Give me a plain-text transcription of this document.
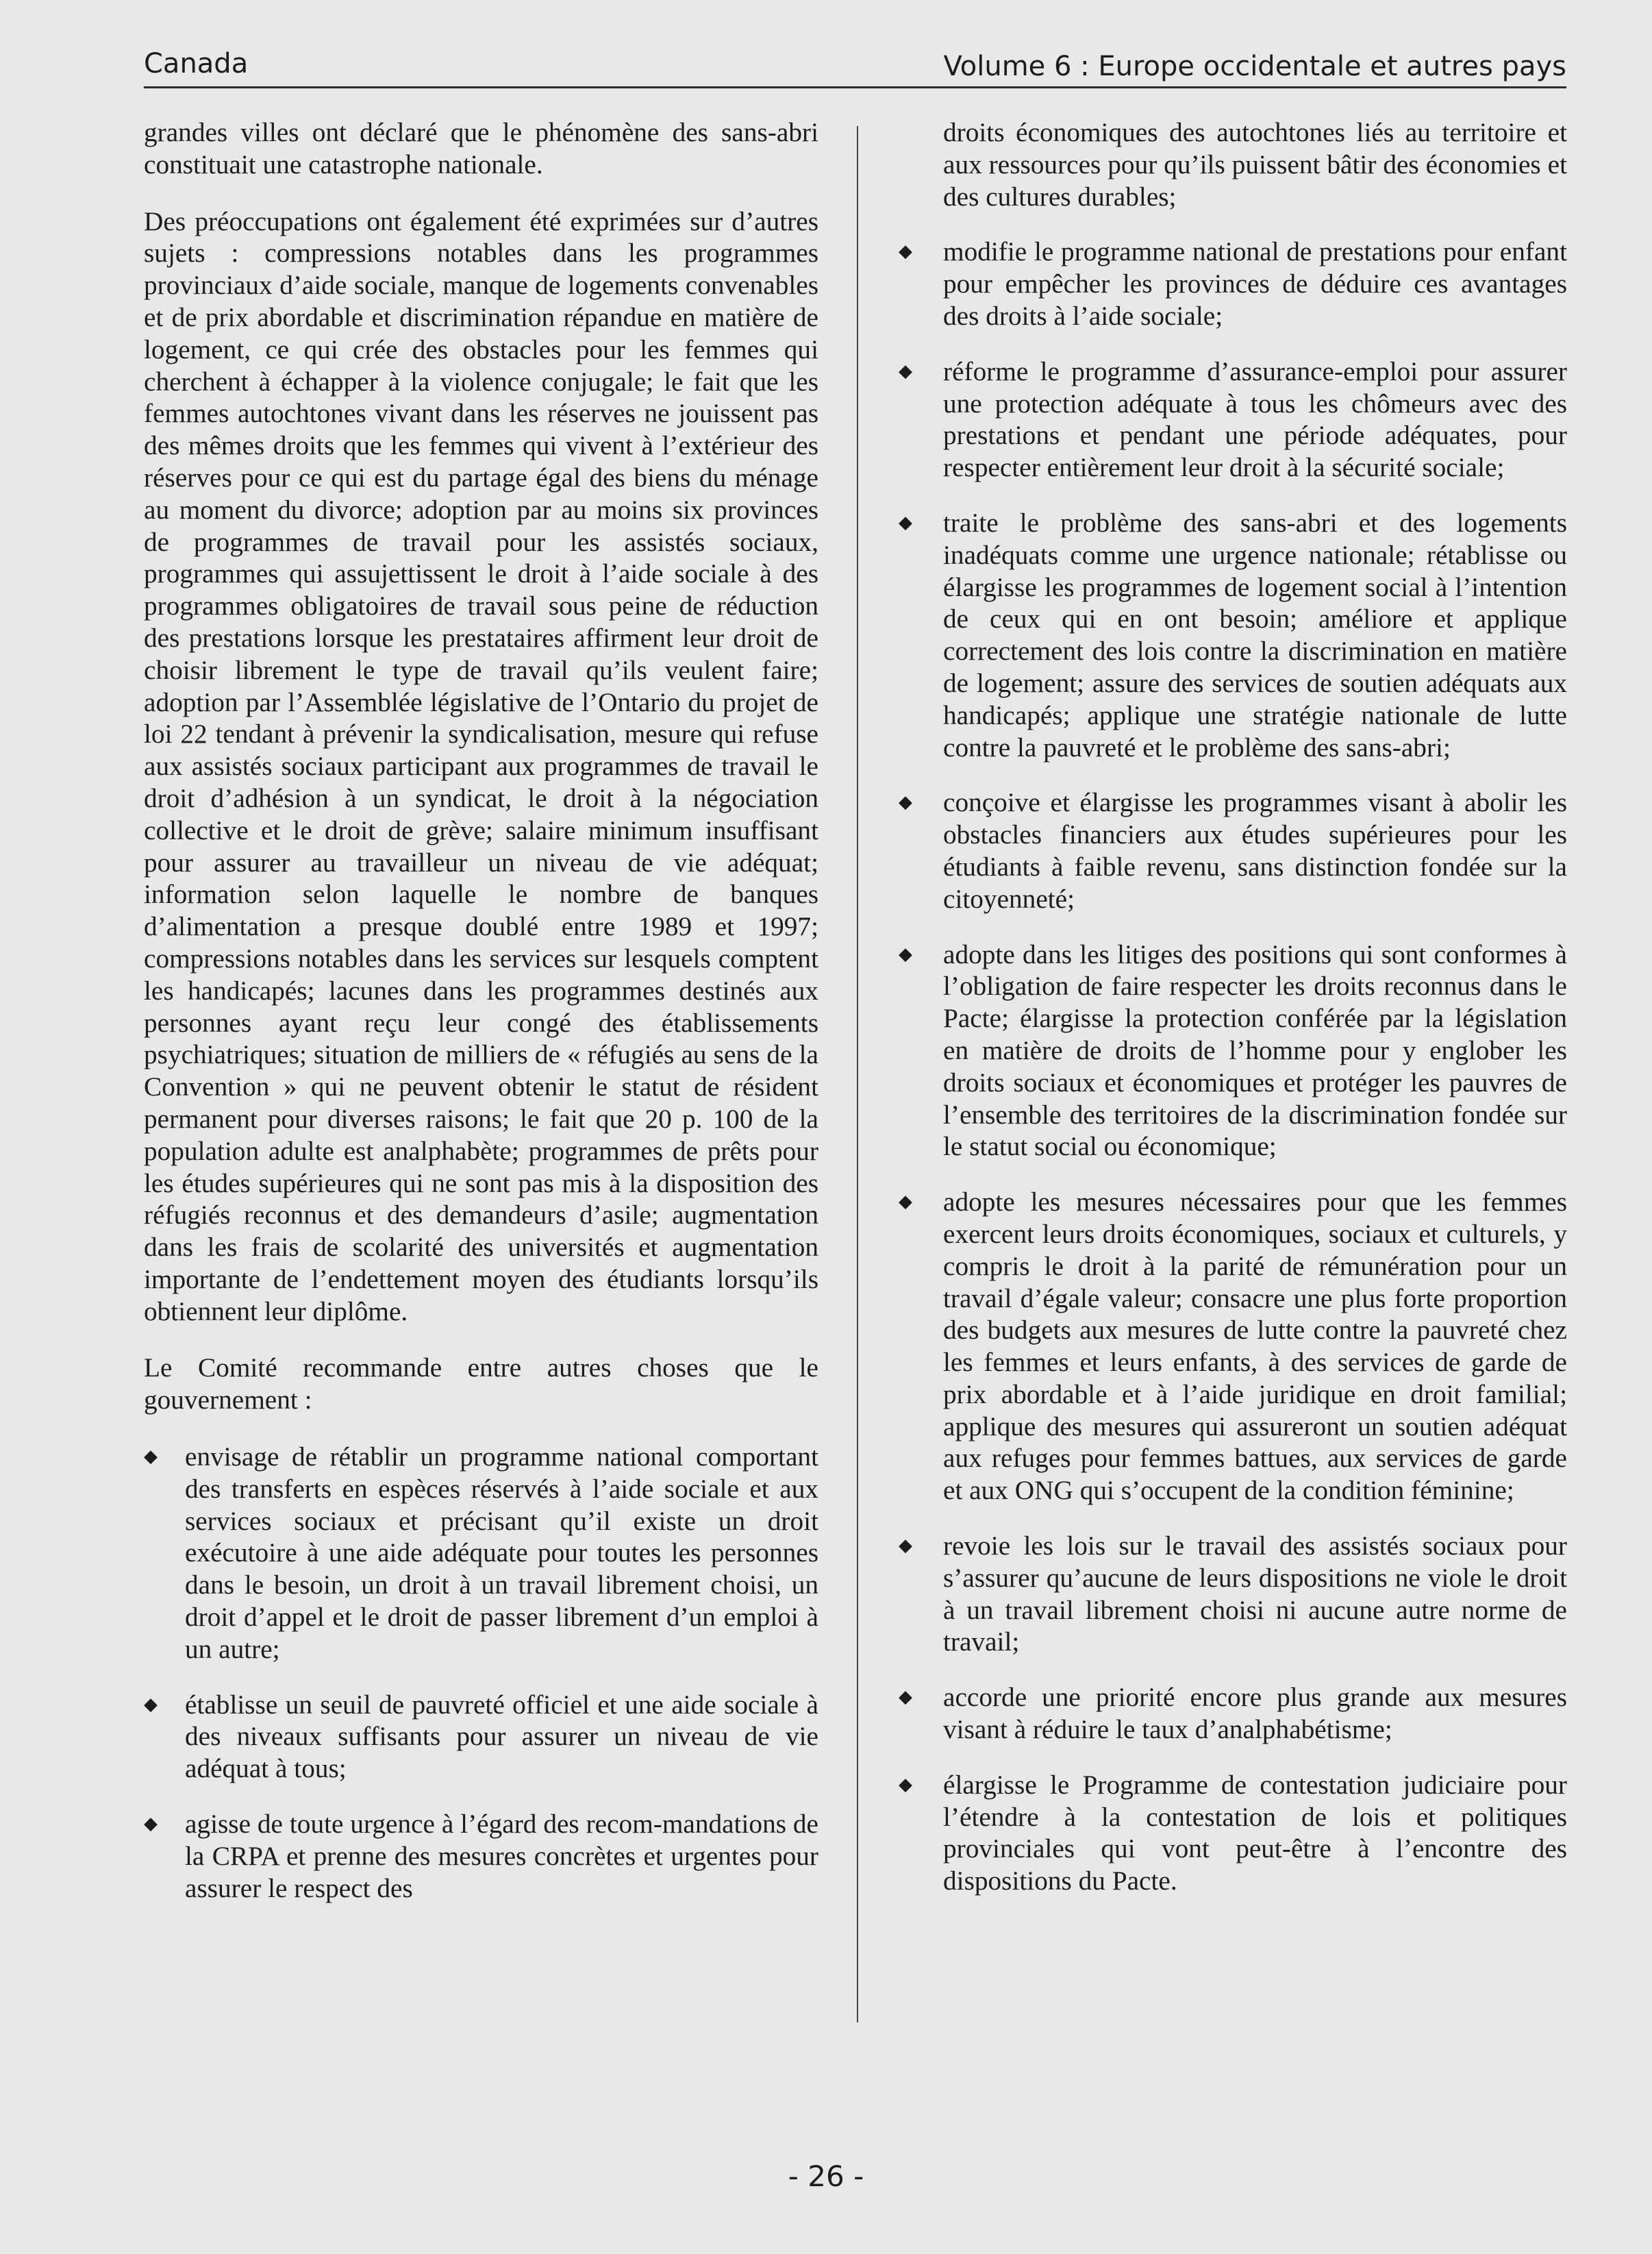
Canada	Volume 6 : Europe occidentale et autres pays

grandes villes ont déclaré que le phénomène des sans-abri constituait une catastrophe nationale.

Des préoccupations ont également été exprimées sur d’autres sujets : compressions notables dans les programmes provinciaux d’aide sociale, manque de logements convenables et de prix abordable et discrimination répandue en matière de logement, ce qui crée des obstacles pour les femmes qui cherchent à échapper à la violence conjugale; le fait que les femmes autochtones vivant dans les réserves ne jouissent pas des mêmes droits que les femmes qui vivent à l’extérieur des réserves pour ce qui est du partage égal des biens du ménage au moment du divorce; adoption par au moins six provinces de programmes de travail pour les assistés sociaux, programmes qui assujettissent le droit à l’aide sociale à des programmes obligatoires de travail sous peine de réduction des prestations lorsque les prestataires affirment leur droit de choisir librement le type de travail qu’ils veulent faire; adoption par l’Assemblée législative de l’Ontario du projet de loi 22 tendant à prévenir la syndicalisation, mesure qui refuse aux assistés sociaux participant aux programmes de travail le droit d’adhésion à un syndicat, le droit à la négociation collective et le droit de grève; salaire minimum insuffisant pour assurer au travailleur un niveau de vie adéquat; information selon laquelle le nombre de banques d’alimentation a presque doublé entre 1989 et 1997; compressions notables dans les services sur lesquels comptent les handicapés; lacunes dans les programmes destinés aux personnes ayant reçu leur congé des établissements psychiatriques; situation de milliers de « réfugiés au sens de la Convention » qui ne peuvent obtenir le statut de résident permanent pour diverses raisons; le fait que 20 p. 100 de la population adulte est analphabète; programmes de prêts pour les études supérieures qui ne sont pas mis à la disposition des réfugiés reconnus et des demandeurs d’asile; augmentation dans les frais de scolarité des universités et augmentation importante de l’endettement moyen des étudiants lorsqu’ils obtiennent leur diplôme.

Le Comité recommande entre autres choses que le gouvernement :

◆ envisage de rétablir un programme national comportant des transferts en espèces réservés à l’aide sociale et aux services sociaux et précisant qu’il existe un droit exécutoire à une aide adéquate pour toutes les personnes dans le besoin, un droit à un travail librement choisi, un droit d’appel et le droit de passer librement d’un emploi à un autre;
◆ établisse un seuil de pauvreté officiel et une aide sociale à des niveaux suffisants pour assurer un niveau de vie adéquat à tous;
◆ agisse de toute urgence à l’égard des recom-mandations de la CRPA et prenne des mesures concrètes et urgentes pour assurer le respect des
droits économiques des autochtones liés au territoire et aux ressources pour qu’ils puissent bâtir des économies et des cultures durables;
◆ modifie le programme national de prestations pour enfant pour empêcher les provinces de déduire ces avantages des droits à l’aide sociale;
◆ réforme le programme d’assurance-emploi pour assurer une protection adéquate à tous les chômeurs avec des prestations et pendant une période adéquates, pour respecter entièrement leur droit à la sécurité sociale;
◆ traite le problème des sans-abri et des logements inadéquats comme une urgence nationale; rétablisse ou élargisse les programmes de logement social à l’intention de ceux qui en ont besoin; améliore et applique correctement des lois contre la discrimination en matière de logement; assure des services de soutien adéquats aux handicapés; applique une stratégie nationale de lutte contre la pauvreté et le problème des sans-abri;
◆ conçoive et élargisse les programmes visant à abolir les obstacles financiers aux études supérieures pour les étudiants à faible revenu, sans distinction fondée sur la citoyenneté;
◆ adopte dans les litiges des positions qui sont conformes à l’obligation de faire respecter les droits reconnus dans le Pacte; élargisse la protection conférée par la législation en matière de droits de l’homme pour y englober les droits sociaux et économiques et protéger les pauvres de l’ensemble des territoires de la discrimination fondée sur le statut social ou économique;
◆ adopte les mesures nécessaires pour que les femmes exercent leurs droits économiques, sociaux et culturels, y compris le droit à la parité de rémunération pour un travail d’égale valeur; consacre une plus forte proportion des budgets aux mesures de lutte contre la pauvreté chez les femmes et leurs enfants, à des services de garde de prix abordable et à l’aide juridique en droit familial; applique des mesures qui assureront un soutien adéquat aux refuges pour femmes battues, aux services de garde et aux ONG qui s’occupent de la condition féminine;
◆ revoie les lois sur le travail des assistés sociaux pour s’assurer qu’aucune de leurs dispositions ne viole le droit à un travail librement choisi ni aucune autre norme de travail;
◆ accorde une priorité encore plus grande aux mesures visant à réduire le taux d’analphabétisme;
◆ élargisse le Programme de contestation judiciaire pour l’étendre à la contestation de lois et politiques provinciales qui vont peut-être à l’encontre des dispositions du Pacte.
- 26 -
